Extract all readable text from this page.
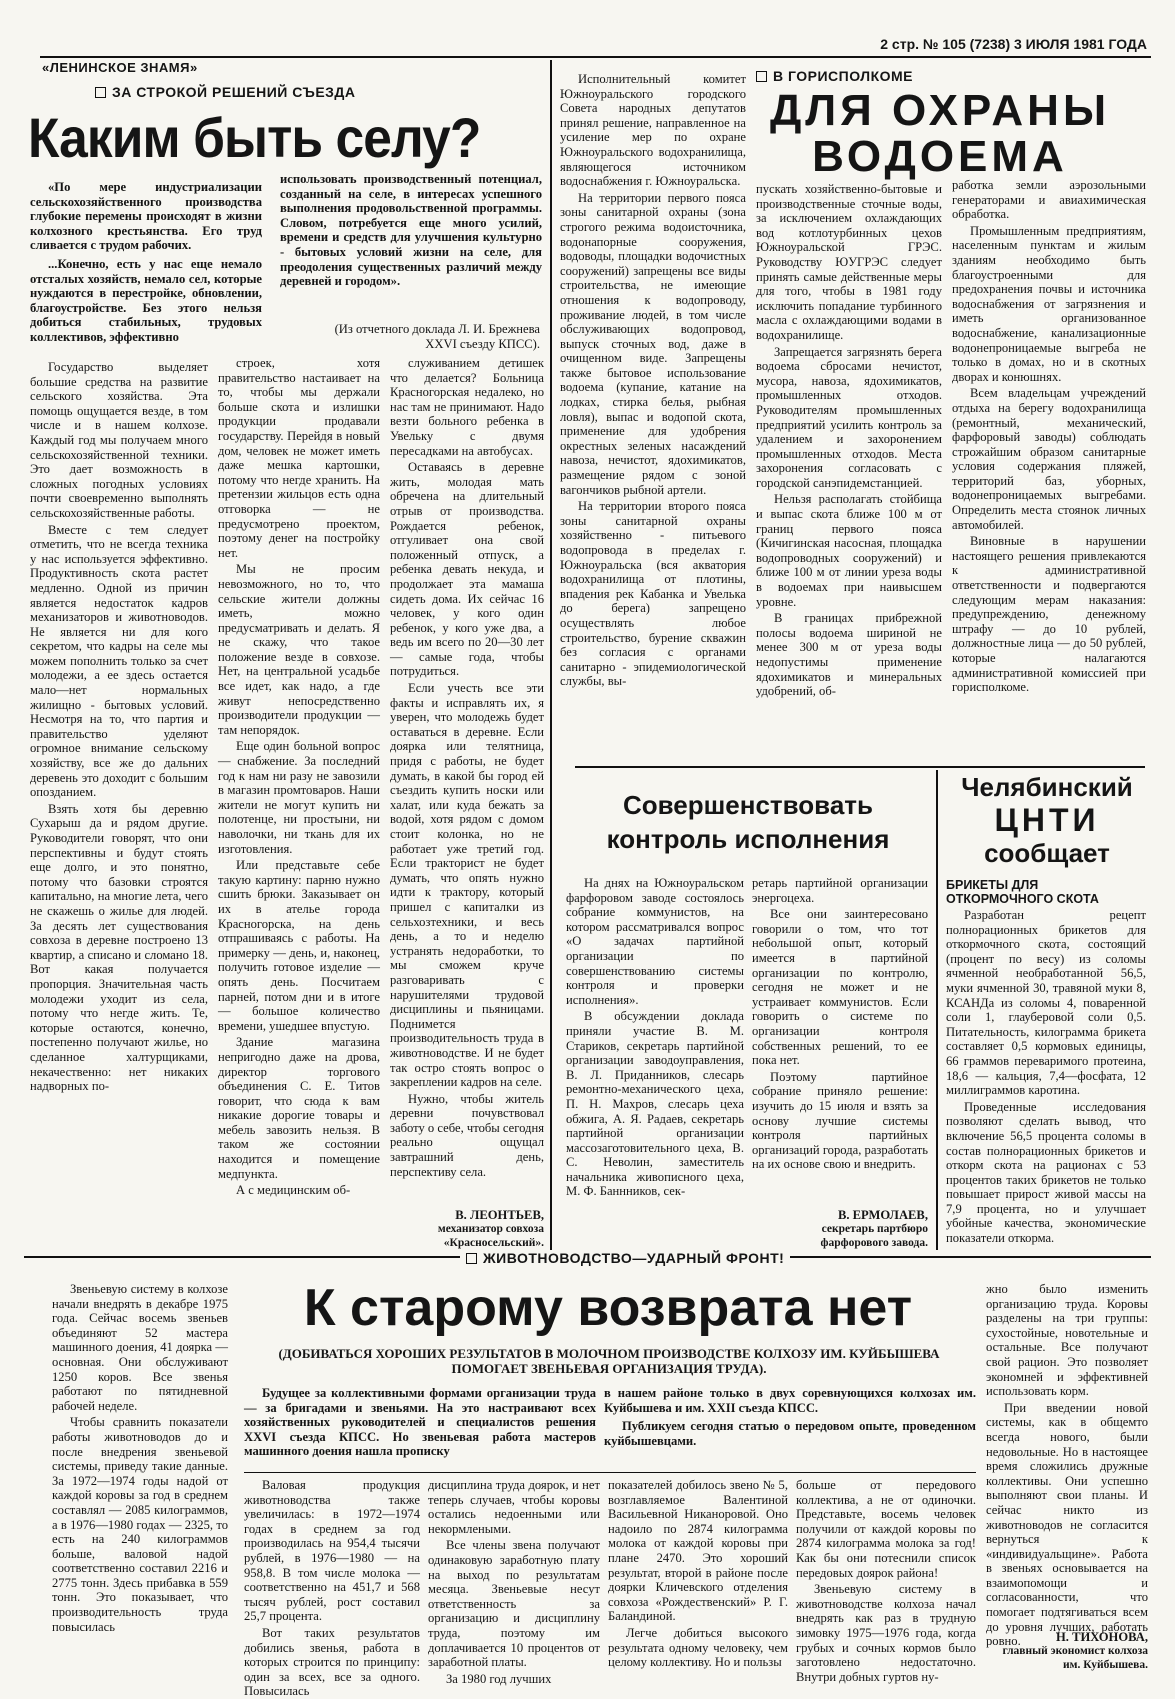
«ЛЕНИНСКОЕ ЗНАМЯ»
2 стр. № 105 (7238) 3 ИЮЛЯ 1981 ГОДА
ЗА СТРОКОЙ РЕШЕНИЙ СЪЕЗДА
Каким быть селу?

«По мере индустриализации сельскохозяйственного производства глубокие перемены происходят в жизни колхозного крестьянства. Его труд сливается с трудом рабочих.

...Конечно, есть у нас еще немало отсталых хозяйств, немало сел, которые нуждаются в перестройке, обновлении, благоустройстве. Без этого нельзя добиться стабильных, трудовых коллективов, эффективно

использовать производственный потенциал, созданный на селе, в интересах успешного выполнения продовольственной программы. Словом, потребуется еще много усилий, времени и средств для улучшения культурно - бытовых условий жизни на селе, для преодоления существенных различий между деревней и городом».

(Из отчетного доклада Л. И. Брежнева XXVI съезду КПСС).

Государство выделяет большие средства на развитие сельского хозяйства. Эта помощь ощущается везде, в том числе и в нашем колхозе. Каждый год мы получаем много сельскохозяйственной техники. Это дает возможность в сложных погодных условиях почти своевременно выполнять сельскохозяйственные работы.

Вместе с тем следует отметить, что не всегда техника у нас используется эффективно. Продуктивность скота растет медленно. Одной из причин является недостаток кадров механизаторов и животноводов. Не является ни для кого секретом, что кадры на селе мы можем пополнить только за счет молодежи, а ее здесь остается мало—нет нормальных жилищно - бытовых условий. Несмотря на то, что партия и правительство уделяют огромное внимание сельскому хозяйству, все же до дальних деревень это доходит с большим опозданием.

Взять хотя бы деревню Сухарыш да и рядом другие. Руководители говорят, что они перспективны и будут стоять еще долго, и это понятно, потому что базовки строятся капитально, на многие лета, чего не скажешь о жилье для людей. За десять лет существования совхоза в деревне построено 13 квартир, а списано и сломано 18. Вот какая получается пропорция. Значительная часть молодежи уходит из села, потому что негде жить. Те, которые остаются, конечно, постепенно получают жилье, но сделанное халтурщиками, некачественно: нет никаких надворных по-

строек, хотя правительство настаивает на то, чтобы мы держали больше скота и излишки продукции продавали государству. Перейдя в новый дом, человек не может иметь даже мешка картошки, потому что негде хранить. На претензии жильцов есть одна отговорка — не предусмотрено проектом, поэтому денег на постройку нет.

Мы не просим невозможного, но то, что сельские жители должны иметь, можно предусматривать и делать. Я не скажу, что такое положение везде в совхозе. Нет, на центральной усадьбе все идет, как надо, а где живут непосредственно производители продукции — там непорядок.

Еще один больной вопрос — снабжение. За последний год к нам ни разу не завозили в магазин промтоваров. Наши жители не могут купить ни полотенце, ни простыни, ни наволочки, ни ткань для их изготовления.

Или представьте себе такую картину: парню нужно сшить брюки. Заказывает он их в ателье города Красногорска, на день отпрашиваясь с работы. На примерку — день, и, наконец, получить готовое изделие — опять день. Посчитаем парней, потом дни и в итоге — большое количество времени, ушедшее впустую.

Здание магазина непригодно даже на дрова, директор торгового объединения С. Е. Титов говорит, что сюда к вам никакие дорогие товары и мебель завозить нельзя. В таком же состоянии находится и помещение медпункта.

А с медицинским об-

служиванием детишек что делается? Больница Красногорская недалеко, но нас там не принимают. Надо везти больного ребенка в Увельку с двумя пересадками на автобусах.

Оставаясь в деревне жить, молодая мать обречена на длительный отрыв от производства. Рождается ребенок, отгуливает она свой положенный отпуск, а ребенка девать некуда, и продолжает эта мамаша сидеть дома. Их сейчас 16 человек, у кого один ребенок, у кого уже два, а ведь им всего по 20—30 лет — самые года, чтобы потрудиться.

Если учесть все эти факты и исправлять их, я уверен, что молодежь будет оставаться в деревне. Если доярка или телятница, придя с работы, не будет думать, в какой бы город ей съездить купить носки или халат, или куда бежать за водой, хотя рядом с домом стоит колонка, но не работает уже третий год. Если тракторист не будет думать, что опять нужно идти к трактору, который пришел с капиталки из сельхозтехники, и весь день, а то и неделю устранять недоработки, то мы сможем круче разговаривать с нарушителями трудовой дисциплины и пьяницами. Поднимется производительность труда в животноводстве. И не будет так остро стоять вопрос о закреплении кадров на селе.

Нужно, чтобы житель деревни почувствовал заботу о себе, чтобы сегодня реально ощущал завтрашний день, перспективу села.

В. ЛЕОНТЬЕВ,
механизатор совхоза «Красносельский».
В ГОРИСПОЛКОМЕ
ДЛЯ ОХРАНЫ ВОДОЕМА

Исполнительный комитет Южноуральского городского Совета народных депутатов принял решение, направленное на усиление мер по охране Южноуральского водохранилища, являющегося источником водоснабжения г. Южноуральска.

На территории первого пояса зоны санитарной охраны (зона строгого режима водоисточника, водонапорные сооружения, водоводы, площадки водочистных сооружений) запрещены все виды строительства, не имеющие отношения к водопроводу, проживание людей, в том числе обслуживающих водопровод, выпуск сточных вод, даже в очищенном виде. Запрещены также бытовое использование водоема (купание, катание на лодках, стирка белья, рыбная ловля), выпас и водопой скота, применение для удобрения окрестных зеленых насаждений навоза, нечистот, ядохимикатов, размещение рядом с зоной вагончиков рыбной артели.

На территории второго пояса зоны санитарной охраны хозяйственно - питьевого водопровода в пределах г. Южноуральска (вся акватория водохранилища от плотины, впадения рек Кабанка и Увелька до берега) запрещено осуществлять любое строительство, бурение скважин без согласия с органами санитарно - эпидемиологической службы, вы-

пускать хозяйственно-бытовые и производственные сточные воды, за исключением охлаждающих вод котлотурбинных цехов Южноуральской ГРЭС. Руководству ЮУГРЭС следует принять самые действенные меры для того, чтобы в 1981 году исключить попадание турбинного масла с охлаждающими водами в водохранилище.

Запрещается загрязнять берега водоема сбросами нечистот, мусора, навоза, ядохимикатов, промышленных отходов. Руководителям промышленных предприятий усилить контроль за удалением и захоронением промышленных отходов. Места захоронения согласовать с городской санэпидемстанцией.

Нельзя располагать стойбища и выпас скота ближе 100 м от границ первого пояса (Кичигинская насосная, площадка водопроводных сооружений) и ближе 100 м от линии уреза воды в водоемах при наивысшем уровне.

В границах прибрежной полосы водоема шириной не менее 300 м от уреза воды недопустимы применение ядохимикатов и минеральных удобрений, об-

работка земли аэрозольными генераторами и авиахимическая обработка.

Промышленным предприятиям, населенным пунктам и жилым зданиям необходимо быть благоустроенными для предохранения почвы и источника водоснабжения от загрязнения и иметь организованное водоснабжение, канализационные водонепроницаемые выгреба не только в домах, но и в скотных дворах и конюшнях.

Всем владельцам учреждений отдыха на берегу водохранилища (ремонтный, механический, фарфоровый заводы) соблюдать строжайшим образом санитарные условия содержания пляжей, территорий баз, уборных, водонепроницаемых выгребами. Определить места стоянок личных автомобилей.

Виновные в нарушении настоящего решения привлекаются к административной ответственности и подвергаются следующим мерам наказания: предупреждению, денежному штрафу — до 10 рублей, должностные лица — до 50 рублей, которые налагаются административной комиссией при горисполкоме.

Совершенствовать
контроль исполнения

На днях на Южноуральском фарфоровом заводе состоялось собрание коммунистов, на котором рассматривался вопрос «О задачах партийной организации по совершенствованию системы контроля и проверки исполнения».

В обсуждении доклада приняли участие В. М. Стариков, секретарь партийной организации заводоуправления, В. Л. Приданников, слесарь ремонтно-механического цеха, П. Н. Махров, слесарь цеха обжига, А. Я. Радаев, секретарь партийной организации массозаготовительного цеха, В. С. Неволин, заместитель начальника живописного цеха, М. Ф. Баннников, сек-

ретарь партийной организации энергоцеха.

Все они заинтересовано говорили о том, что тот небольшой опыт, который имеется в партийной организации по контролю, сегодня не может и не устраивает коммунистов. Если говорить о системе по организации контроля собственных решений, то ее пока нет.

Поэтому партийное собрание приняло решение: изучить до 15 июля и взять за основу лучшие системы контроля партийных организаций города, разработать на их основе свою и внедрить.

В. ЕРМОЛАЕВ,
секретарь партбюро фарфорового завода.
Челябинский
ЦНТИ
сообщает
БРИКЕТЫ ДЛЯ ОТКОРМОЧНОГО СКОТА

Разработан рецепт полнорационных брикетов для откормочного скота, состоящий (процент по весу) из соломы ячменной необработанной 56,5, муки ячменной 30, травяной муки 8, КСАНДа из соломы 4, поваренной соли 1, глауберовой соли 0,5. Питательность, килограмма брикета составляет 0,5 кормовых единицы, 66 граммов переваримого протеина, 18,6 — кальция, 7,4—фосфата, 12 миллиграммов каротина.

Проведенные исследования позволяют сделать вывод, что включение 56,5 процента соломы в состав полнорационных брикетов и откорм скота на рационах с 53 процентов таких брикетов не только повышает прирост живой массы на 7,9 процента, но и улучшает убойные качества, экономические показатели откорма.

ЖИВОТНОВОДСТВО—УДАРНЫЙ ФРОНТ!

Звеньевую систему в колхозе начали внедрять в декабре 1975 года. Сейчас восемь звеньев объединяют 52 мастера машинного доения, 41 доярка — основная. Они обслуживают 1250 коров. Все звенья работают по пятидневной рабочей неделе.

Чтобы сравнить показатели работы животноводов до и после внедрения звеньевой системы, приведу такие данные. За 1972—1974 годы надой от каждой коровы за год в среднем составлял — 2085 килограммов, а в 1976—1980 годах — 2325, то есть на 240 килограммов больше, валовой надой соответственно составил 2216 и 2775 тонн. Здесь прибавка в 559 тонн. Это показывает, что производительность труда повысилась

К старому возврата нет
(ДОБИВАТЬСЯ ХОРОШИХ РЕЗУЛЬТАТОВ В МОЛОЧНОМ ПРОИЗВОДСТВЕ КОЛХОЗУ ИМ. КУЙБЫШЕВА ПОМОГАЕТ ЗВЕНЬЕВАЯ ОРГАНИЗАЦИЯ ТРУДА).

Будущее за коллективными формами организации труда — за бригадами и звеньями. На это настраивают всех хозяйственных руководителей и специалистов решения XXVI съезда КПСС. Но звеньевая работа мастеров машинного доения нашла прописку

в нашем районе только в двух соревнующихся колхозах им. Куйбышева и им. XXII съезда КПСС.

Публикуем сегодня статью о передовом опыте, проведенном куйбышевцами.

Валовая продукция животноводства также увеличилась: в 1972—1974 годах в среднем за год производилась на 954,4 тысячи рублей, в 1976—1980 — на 958,8. В том числе молока — соответственно на 451,7 и 568 тысяч рублей, рост составил 25,7 процента.

Вот таких результатов добились звенья, работа в которых строится по принципу: один за всех, все за одного. Повысилась

дисциплина труда доярок, и нет теперь случаев, чтобы коровы остались недоенными или некормлеными.

Все члены звена получают одинаковую заработную плату на выход по результатам месяца. Звеньевые несут ответственность за организацию и дисциплину труда, поэтому им доплачивается 10 процентов от заработной платы.

За 1980 год лучших

показателей добилось звено № 5, возглавляемое Валентиной Васильевной Никаноровой. Оно надоило по 2874 килограмма молока от каждой коровы при плане 2470. Это хороший результат, второй в районе после доярки Кличевского отделения совхоза «Рождественский» Р. Г. Баландиной.

Легче добиться высокого результата одному человеку, чем целому коллективу. Но и пользы

больше от передового коллектива, а не от одиночки. Представьте, восемь человек получили от каждой коровы по 2874 килограмма молока за год! Как бы они потеснили список передовых доярок района!

Звеньевую систему в животноводстве колхоза начал внедрять как раз в трудную зимовку 1975—1976 года, когда грубых и сочных кормов было заготовлено недостаточно. Внутри добных гуртов ну-

жно было изменить организацию труда. Коровы разделены на три группы: сухостойные, новотельные и остальные. Все получают свой рацион. Это позволяет экономней и эффективней использовать корм.

При введении новой системы, как в общемто всегда нового, были недовольные. Но в настоящее время сложились дружные коллективы. Они успешно выполняют свои планы. И сейчас никто из животноводов не согласится вернуться к «индивидуальщине». Работа в звеньях основывается на взаимопомощи и согласованности, что помогает подтягиваться всем до уровня лучших, работать ровно.	Н. ТИХОНОВА,
главный экономист колхоза им. Куйбышева.
